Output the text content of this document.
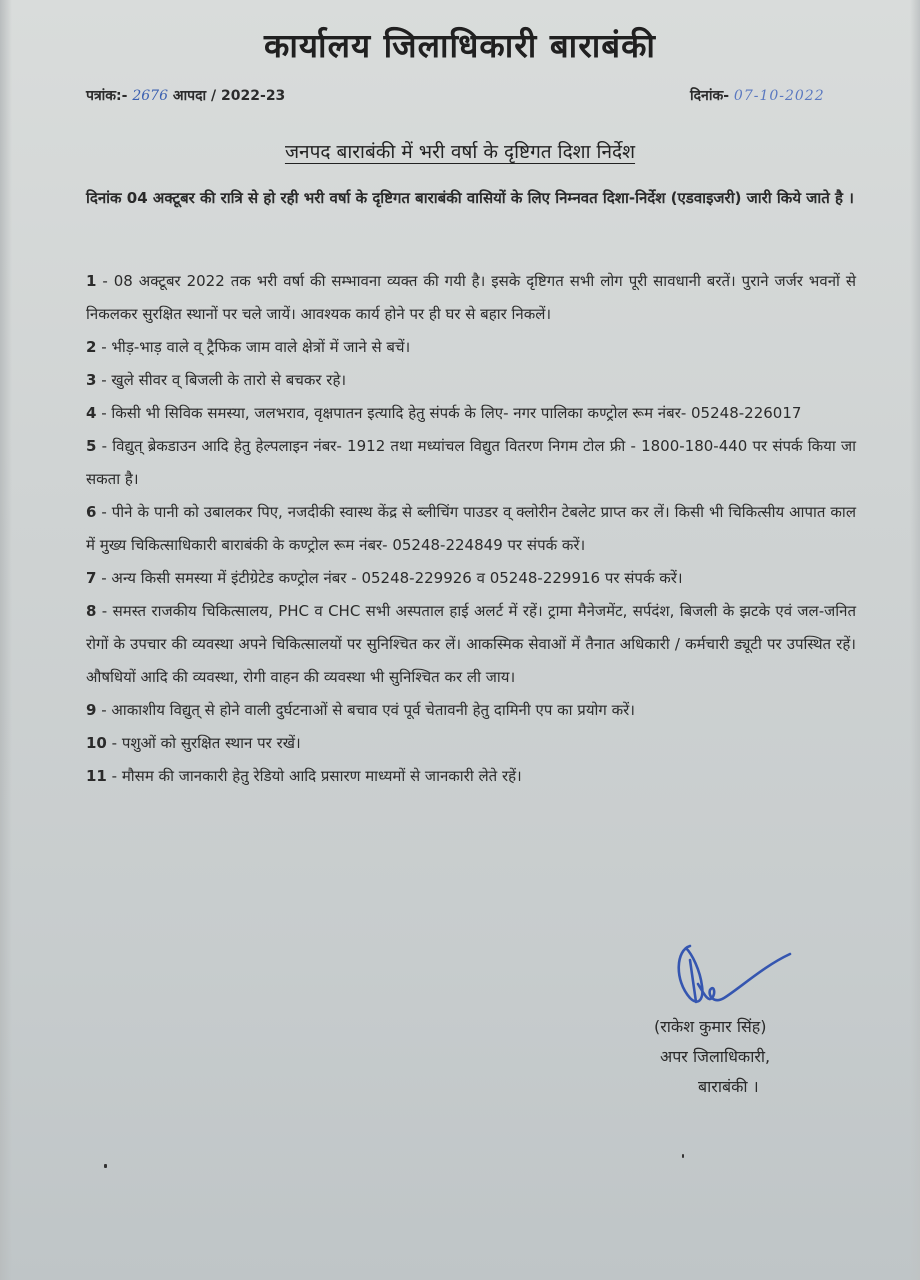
कार्यालय जिलाधिकारी बाराबंकी
पत्रांक:- 2676 आपदा / 2022-23	दिनांक- 07-10-2022
जनपद बाराबंकी में भरी वर्षा के दृष्टिगत दिशा निर्देश
दिनांक 04 अक्टूबर की रात्रि से हो रही भरी वर्षा के दृष्टिगत बाराबंकी वासियों के लिए निम्नवत दिशा-निर्देश (एडवाइजरी) जारी किये जाते है ।
1 - 08 अक्टूबर 2022 तक भरी वर्षा की सम्भावना व्यक्त की गयी है। इसके दृष्टिगत सभी लोग पूरी सावधानी बरतें। पुराने जर्जर भवनों से निकलकर सुरक्षित स्थानों पर चले जायें। आवश्यक कार्य होने पर ही घर से बहार निकलें।
2 - भीड़-भाड़ वाले व् ट्रैफिक जाम वाले क्षेत्रों में जाने से बचें।
3 - खुले सीवर व् बिजली के तारो से बचकर रहे।
4 - किसी भी सिविक समस्या, जलभराव, वृक्षपातन इत्यादि हेतु संपर्क के लिए- नगर पालिका कण्ट्रोल रूम नंबर- 05248-226017
5 - विद्युत् ब्रेकडाउन आदि हेतु हेल्पलाइन नंबर- 1912 तथा मध्यांचल विद्युत वितरण निगम टोल फ्री - 1800-180-440 पर संपर्क किया जा सकता है।
6 - पीने के पानी को उबालकर पिए, नजदीकी स्वास्थ केंद्र से ब्लीचिंग पाउडर व् क्लोरीन टेबलेट प्राप्त कर लें। किसी भी चिकित्सीय आपात काल में मुख्य चिकित्साधिकारी बाराबंकी के कण्ट्रोल रूम नंबर- 05248-224849 पर संपर्क करें।
7 - अन्य किसी समस्या में इंटीग्रेटेड कण्ट्रोल नंबर - 05248-229926 व 05248-229916 पर संपर्क करें।
8 - समस्त राजकीय चिकित्सालय, PHC व CHC सभी अस्पताल हाई अलर्ट में रहें। ट्रामा मैनेजमेंट, सर्पदंश, बिजली के झटके एवं जल-जनित रोगों के उपचार की व्यवस्था अपने चिकित्सालयों पर सुनिश्चित कर लें। आकस्मिक सेवाओं में तैनात अधिकारी / कर्मचारी ड्यूटी पर उपस्थित रहें। औषधियों आदि की व्यवस्था, रोगी वाहन की व्यवस्था भी सुनिश्चित कर ली जाय।
9 - आकाशीय विद्युत् से होने वाली दुर्घटनाओं से बचाव एवं पूर्व चेतावनी हेतु दामिनी एप का प्रयोग करें।
10 - पशुओं को सुरक्षित स्थान पर रखें।
11 - मौसम की जानकारी हेतु रेडियो आदि प्रसारण माध्यमों से जानकारी लेते रहें।
(राकेश कुमार सिंह)
अपर जिलाधिकारी,
बाराबंकी ।
